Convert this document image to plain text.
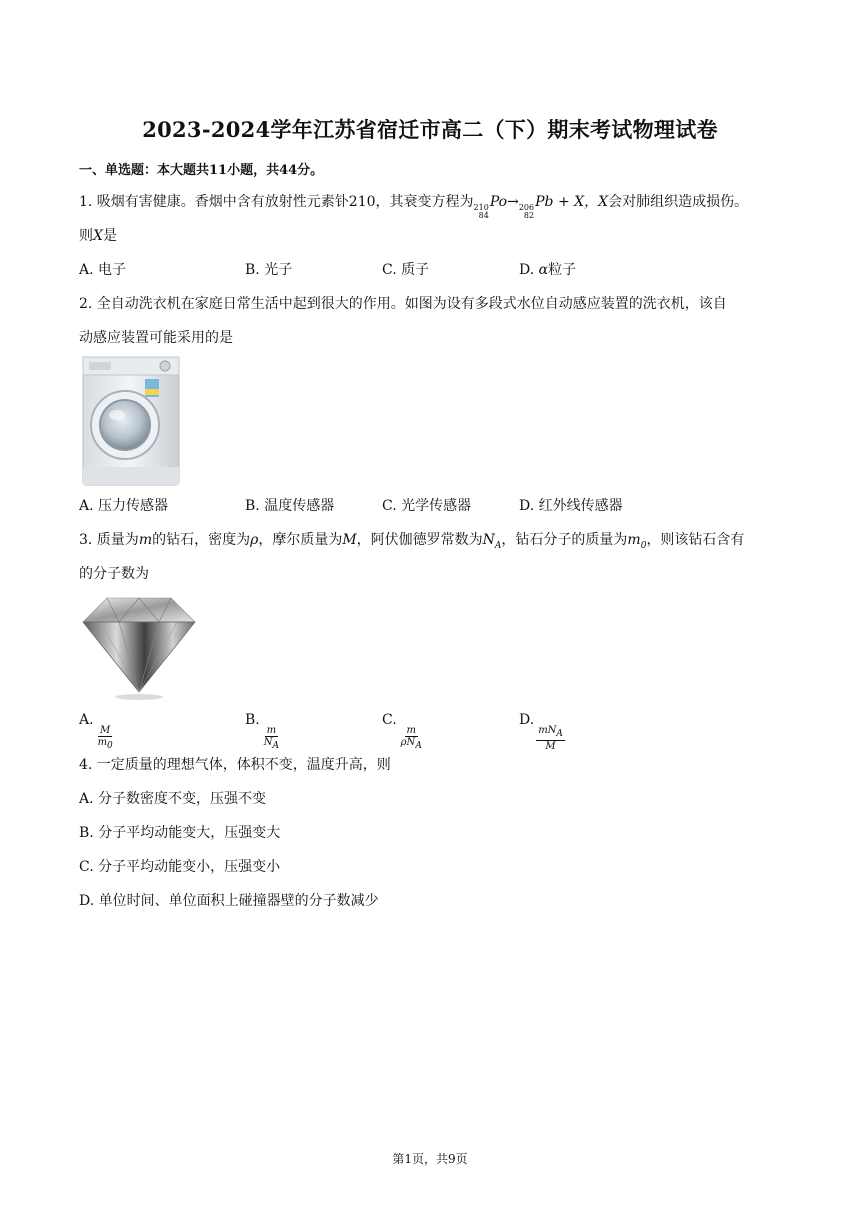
2023-2024学年江苏省宿迁市高二（下）期末考试物理试卷
一、单选题：本大题共11小题，共44分。
1. 吸烟有害健康。香烟中含有放射性元素钋210，其衰变方程为 210
84
Po→ 206
82
Pb + X，X会对肺组织造成损伤。
则X是
A. 电子	B. 光子	C. 质子	D. α粒子
2. 全自动洗衣机在家庭日常生活中起到很大的作用。如图为设有多段式水位自动感应装置的洗衣机，该自
动感应装置可能采用的是
A. 压力传感器	B. 温度传感器	C. 光学传感器	D. 红外线传感器
3. 质量为m的钻石，密度为ρ，摩尔质量为M，阿伏伽德罗常数为$N_A$，钻石分子的质量为$m_0$，则该钻石含有
的分子数为
A.
$\frac{M}{m_0}$
B.
$\frac{m}{N_A}$
C.
$\frac{m}{\rho N_A}$
D.
$\frac{mN_A}{M}$
4. 一定质量的理想气体，体积不变，温度升高，则
A. 分子数密度不变，压强不变
B. 分子平均动能变大，压强变大
C. 分子平均动能变小，压强变小
D. 单位时间、单位面积上碰撞器壁的分子数减少
第1页，共9页
